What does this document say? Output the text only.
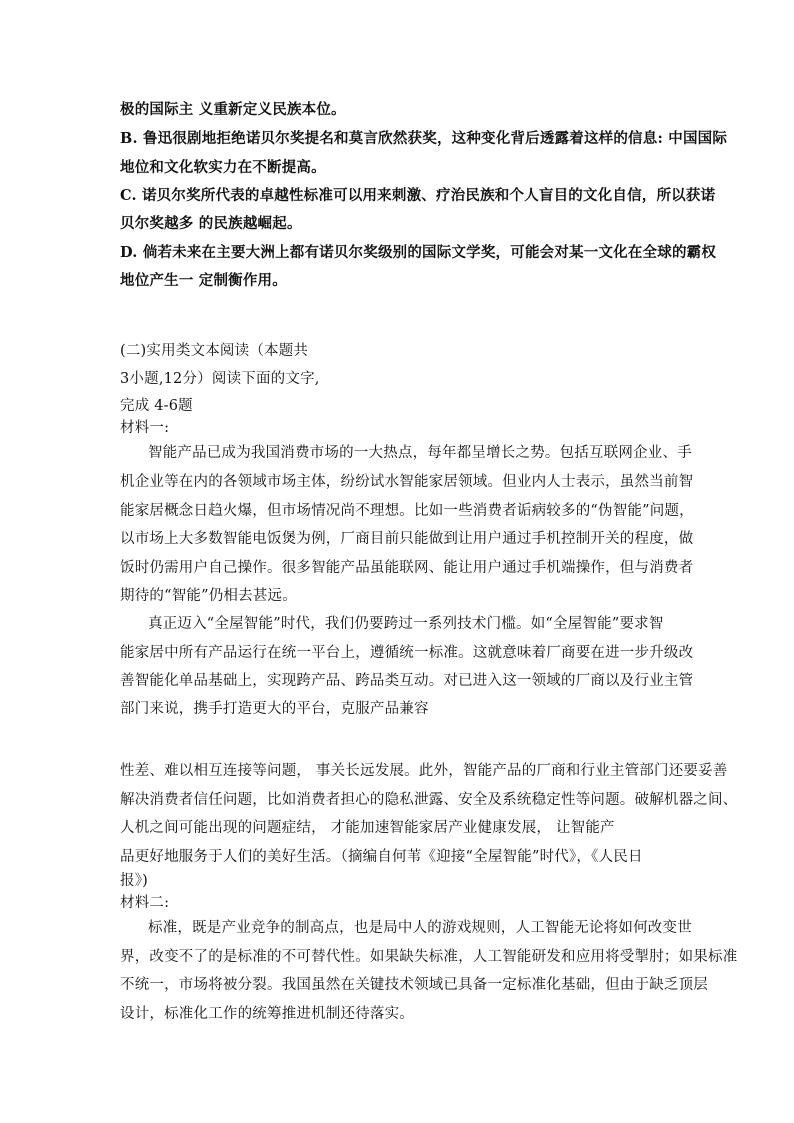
极的国际主 义重新定义民族本位。
B. 鲁迅很剧地拒绝诺贝尔奖提名和莫言欣然获奖，这种变化背后透露着这样的信息: 中国国际
地位和文化软实力在不断提高。
C. 诺贝尔奖所代表的卓越性标准可以用来刺激、疗治民族和个人盲目的文化自信，所以获诺
贝尔奖越多 的民族越崛起。
D. 倘若未来在主要大洲上都有诺贝尔奖级别的国际文学奖，可能会对某一文化在全球的霸权
地位产生一 定制衡作用。
(二)实用类文本阅读（本题共
3小题,12分）阅读下面的文字,
完成 4-6题
材料一:
智能产品已成为我国消费市场的一大热点，每年都呈增长之势。包括互联网企业、手
机企业等在内的各领域市场主体，纷纷试水智能家居领域。但业内人士表示，虽然当前智
能家居概念日趋火爆，但市场情况尚不理想。比如一些消费者诟病较多的“伪智能”问题，
以市场上大多数智能电饭煲为例，厂商目前只能做到让用户通过手机控制开关的程度，做
饭时仍需用户自己操作。很多智能产品虽能联网、能让用户通过手机端操作，但与消费者
期待的“智能”仍相去甚远。
真正迈入“全屋智能”时代，我们仍要跨过一系列技术门槛。如“全屋智能”要求智
能家居中所有产品运行在统一平台上，遵循统一标准。这就意味着厂商要在进一步升级改
善智能化单品基础上，实现跨产品、跨品类互动。对已进入这一领域的厂商以及行业主管
部门来说，携手打造更大的平台，克服产品兼容
性差、难以相互连接等问题， 事关长远发展。此外，智能产品的厂商和行业主管部门还要妥善
解决消费者信任问题，比如消费者担心的隐私泄露、安全及系统稳定性等问题。破解机器之间、
人机之间可能出现的问题症结， 才能加速智能家居产业健康发展， 让智能产
品更好地服务于人们的美好生活。（摘编自何苇《迎接“全屋智能”时代》，《人民日
报》)
材料二:
标准，既是产业竞争的制高点，也是局中人的游戏规则，人工智能无论将如何改变世
界，改变不了的是标准的不可替代性。如果缺失标准，人工智能研发和应用将受掣肘；如果标准
不统一，市场将被分裂。我国虽然在关键技术领域已具备一定标准化基础，但由于缺乏顶层
设计，标准化工作的统筹推进机制还待落实。
